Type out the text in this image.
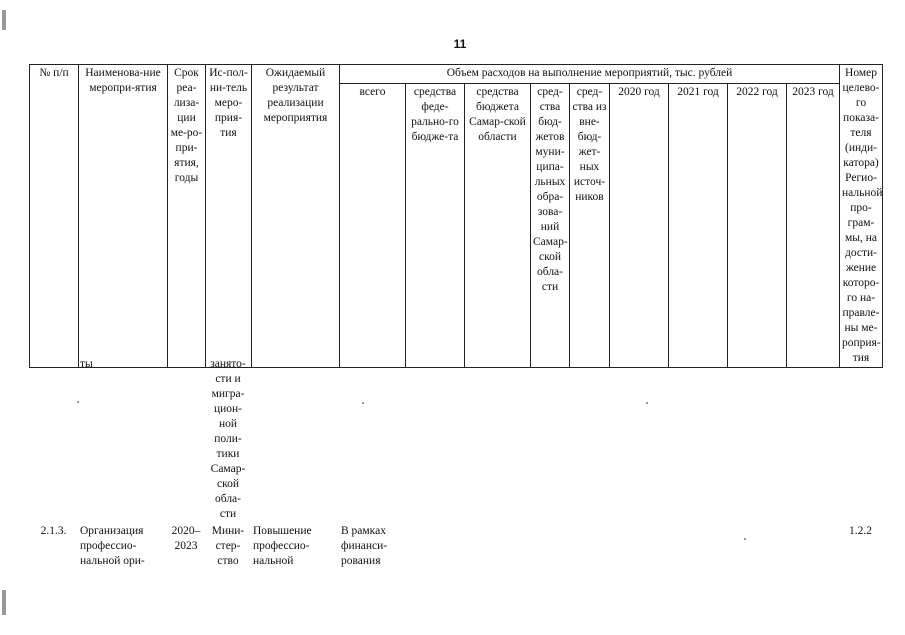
11
№ п/п	Наименова-ние меропри-ятия	Срок реа-лиза-ции ме-ро-при-ятия, годы	Ис-пол-ни-тель меро-прия-тия	Ожидаемый результат реализации мероприятия	Объем расходов на выполнение мероприятий, тыс. рублей									Номер целево-го показа-теля (инди-катора) Регио-нальной про-грам-мы, на дости-жение которо-го на-правле-ны ме-роприя-тия
					всего	средства феде-рально-го бюдже-та	средства бюджета Самар-ской области	сред-ства бюд-жетов муни-ципа-льных обра-зова-ний Самар-ской обла-сти	сред-ства из вне-бюд-жет-ных источ-ников	2020 год	2021 год	2022 год	2023 год	
	ты		занято-сти и мигра-цион-ной поли-тики Самар-ской обла-сти											
2.1.3.	Организация профессио-нальной ори-	2020–2023	Мини-стер-ство	Повышение профессио-нальной	В рамках финанси-рования									1.2.2
